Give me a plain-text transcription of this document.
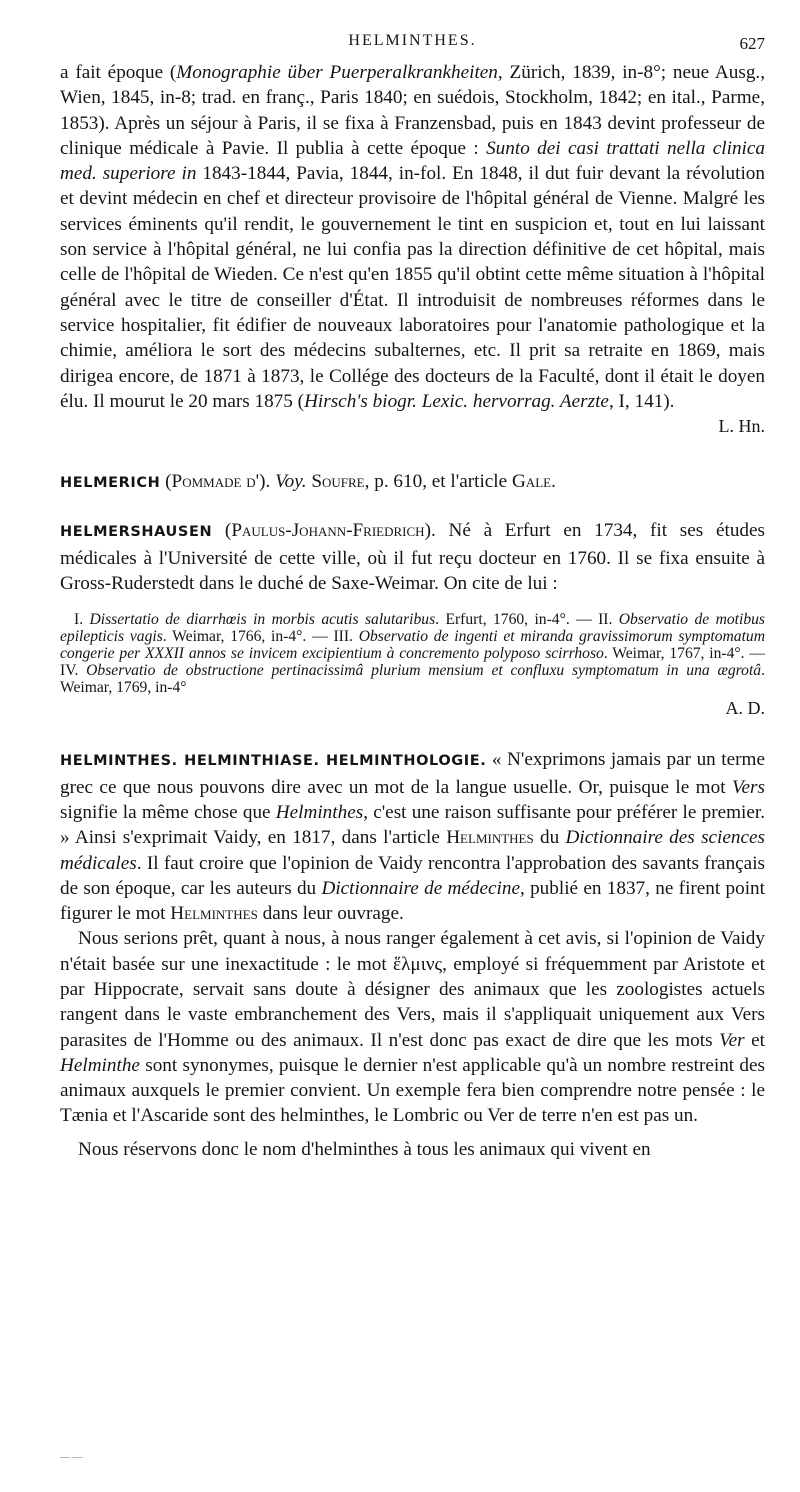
HELMINTHES.	627

a fait époque (Monographie über Puerperalkrankheiten, Zürich, 1839, in-8°; neue Ausg., Wien, 1845, in-8; trad. en franç., Paris 1840; en suédois, Stockholm, 1842; en ital., Parme, 1853). Après un séjour à Paris, il se fixa à Franzensbad, puis en 1843 devint professeur de clinique médicale à Pavie. Il publia à cette époque : Sunto dei casi trattati nella clinica med. superiore in 1843-1844, Pavia, 1844, in-fol. En 1848, il dut fuir devant la révolution et devint médecin en chef et directeur provisoire de l'hôpital général de Vienne. Malgré les services éminents qu'il rendit, le gouvernement le tint en suspicion et, tout en lui laissant son service à l'hôpital général, ne lui confia pas la direction définitive de cet hôpital, mais celle de l'hôpital de Wieden. Ce n'est qu'en 1855 qu'il obtint cette même situation à l'hôpital général avec le titre de conseiller d'État. Il introduisit de nombreuses réformes dans le service hospitalier, fit édifier de nouveaux laboratoires pour l'anatomie pathologique et la chimie, améliora le sort des médecins subalternes, etc. Il prit sa retraite en 1869, mais dirigea encore, de 1871 à 1873, le Collége des docteurs de la Faculté, dont il était le doyen élu. Il mourut le 20 mars 1875 (Hirsch's biogr. Lexic. hervorrag. Aerzte, I, 141).

L. Hn.

HELMERICH (Pommade d'). Voy. Soufre, p. 610, et l'article Gale.

HELMERSHAUSEN (Paulus-Johann-Friedrich). Né à Erfurt en 1734, fit ses études médicales à l'Université de cette ville, où il fut reçu docteur en 1760. Il se fixa ensuite à Gross-Ruderstedt dans le duché de Saxe-Weimar. On cite de lui :

I. Dissertatio de diarrhœis in morbis acutis salutaribus. Erfurt, 1760, in-4°. — II. Observatio de motibus epilepticis vagis. Weimar, 1766, in-4°. — III. Observatio de ingenti et miranda gravissimorum symptomatum congerie per XXXII annos se invicem excipientium à concremento polyposo scirrhoso. Weimar, 1767, in-4°. — IV. Observatio de obstructione pertinacissimâ plurium mensium et confluxu symptomatum in una ægrotâ. Weimar, 1769, in-4°

A. D.

HELMINTHES. HELMINTHIASE. HELMINTHOLOGIE. « N'exprimons jamais par un terme grec ce que nous pouvons dire avec un mot de la langue usuelle. Or, puisque le mot Vers signifie la même chose que Helminthes, c'est une raison suffisante pour préférer le premier. » Ainsi s'exprimait Vaidy, en 1817, dans l'article Helminthes du Dictionnaire des sciences médicales. Il faut croire que l'opinion de Vaidy rencontra l'approbation des savants français de son époque, car les auteurs du Dictionnaire de médecine, publié en 1837, ne firent point figurer le mot Helminthes dans leur ouvrage.

Nous serions prêt, quant à nous, à nous ranger également à cet avis, si l'opinion de Vaidy n'était basée sur une inexactitude : le mot ἕλμινς, employé si fréquemment par Aristote et par Hippocrate, servait sans doute à désigner des animaux que les zoologistes actuels rangent dans le vaste embranchement des Vers, mais il s'appliquait uniquement aux Vers parasites de l'Homme ou des animaux. Il n'est donc pas exact de dire que les mots Ver et Helminthe sont synonymes, puisque le dernier n'est applicable qu'à un nombre restreint des animaux auxquels le premier convient. Un exemple fera bien comprendre notre pensée : le Tænia et l'Ascaride sont des helminthes, le Lombric ou Ver de terre n'en est pas un.

Nous réservons donc le nom d'helminthes à tous les animaux qui vivent en

— —
